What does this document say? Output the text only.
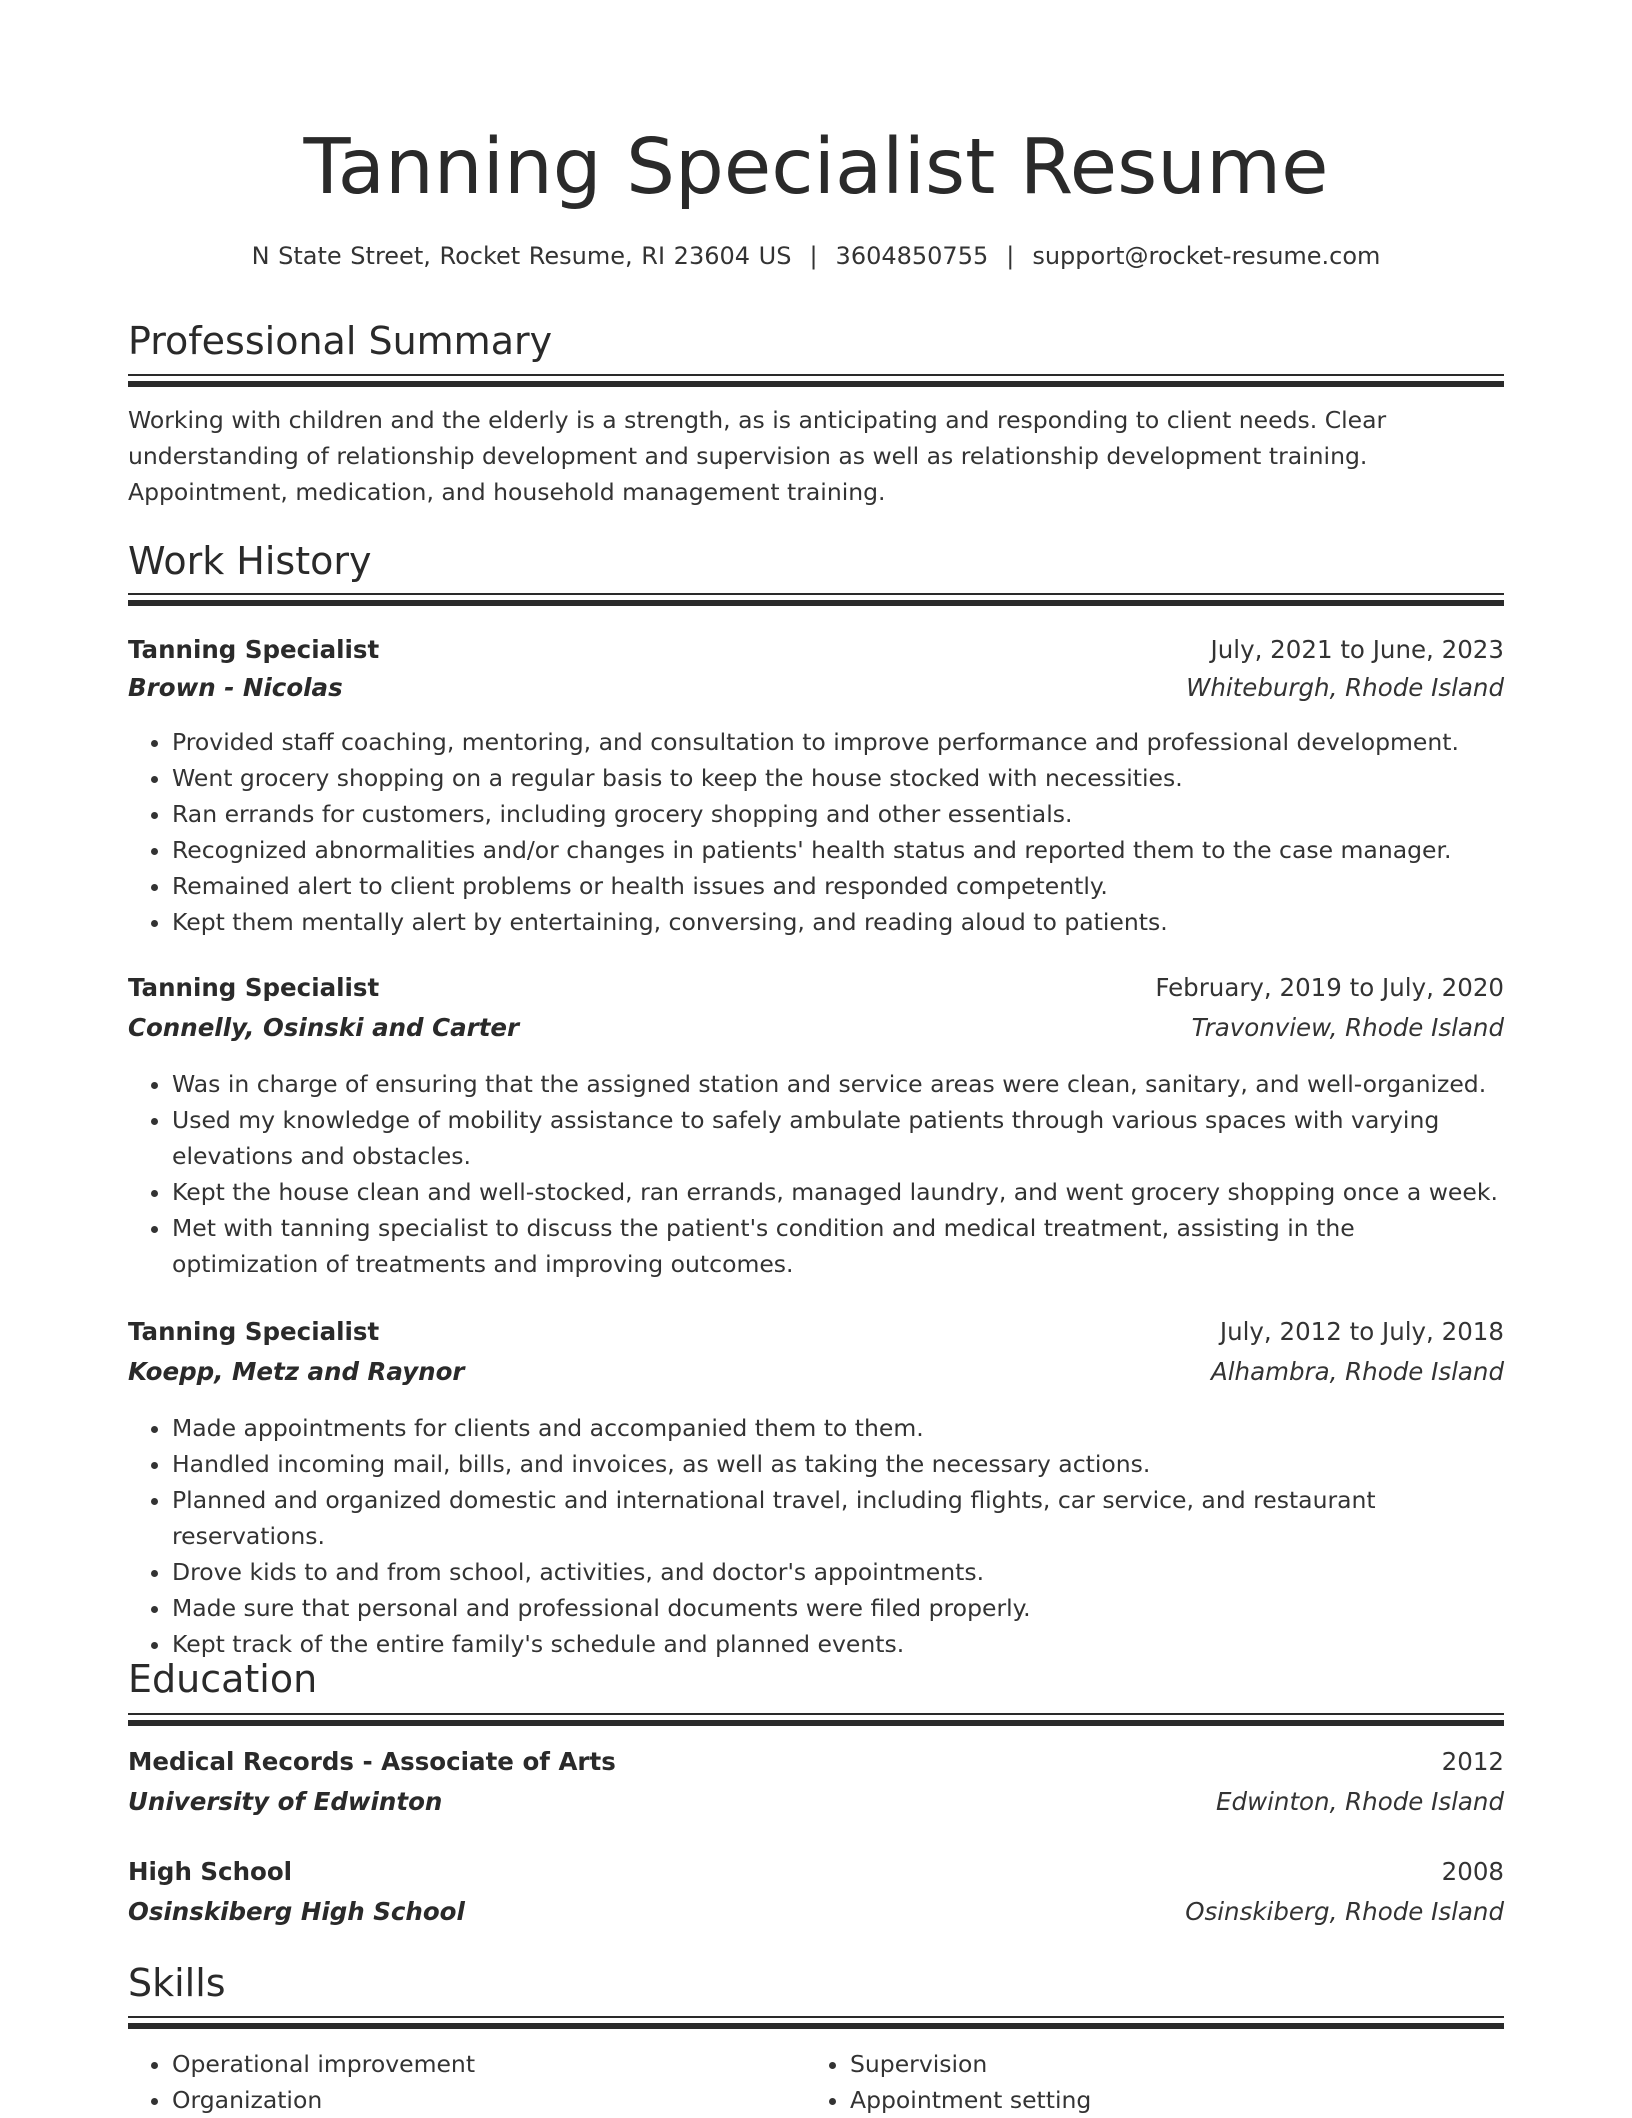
Tanning Specialist Resume
N State Street, Rocket Resume, RI 23604 US | 3604850755 | support@rocket-resume.com
Professional Summary

Working with children and the elderly is a strength, as is anticipating and responding to client needs. Clear understanding of relationship development and supervision as well as relationship development training. Appointment, medication, and household management training.

Work History
Tanning Specialist	July, 2021 to June, 2023
Brown - Nicolas	Whiteburgh, Rhode Island
• Provided staff coaching, mentoring, and consultation to improve performance and professional development.
• Went grocery shopping on a regular basis to keep the house stocked with necessities.
• Ran errands for customers, including grocery shopping and other essentials.
• Recognized abnormalities and/or changes in patients' health status and reported them to the case manager.
• Remained alert to client problems or health issues and responded competently.
• Kept them mentally alert by entertaining, conversing, and reading aloud to patients.
Tanning Specialist	February, 2019 to July, 2020
Connelly, Osinski and Carter	Travonview, Rhode Island
• Was in charge of ensuring that the assigned station and service areas were clean, sanitary, and well-organized.
• Used my knowledge of mobility assistance to safely ambulate patients through various spaces with varying elevations and obstacles.
• Kept the house clean and well-stocked, ran errands, managed laundry, and went grocery shopping once a week.
• Met with tanning specialist to discuss the patient's condition and medical treatment, assisting in the optimization of treatments and improving outcomes.
Tanning Specialist	July, 2012 to July, 2018
Koepp, Metz and Raynor	Alhambra, Rhode Island
• Made appointments for clients and accompanied them to them.
• Handled incoming mail, bills, and invoices, as well as taking the necessary actions.
• Planned and organized domestic and international travel, including flights, car service, and restaurant reservations.
• Drove kids to and from school, activities, and doctor's appointments.
• Made sure that personal and professional documents were filed properly.
• Kept track of the entire family's schedule and planned events.
Education
Medical Records - Associate of Arts	2012
University of Edwinton	Edwinton, Rhode Island
High School	2008
Osinskiberg High School	Osinskiberg, Rhode Island
Skills
• Operational improvement
• Organization
• Supervision
• Appointment setting
